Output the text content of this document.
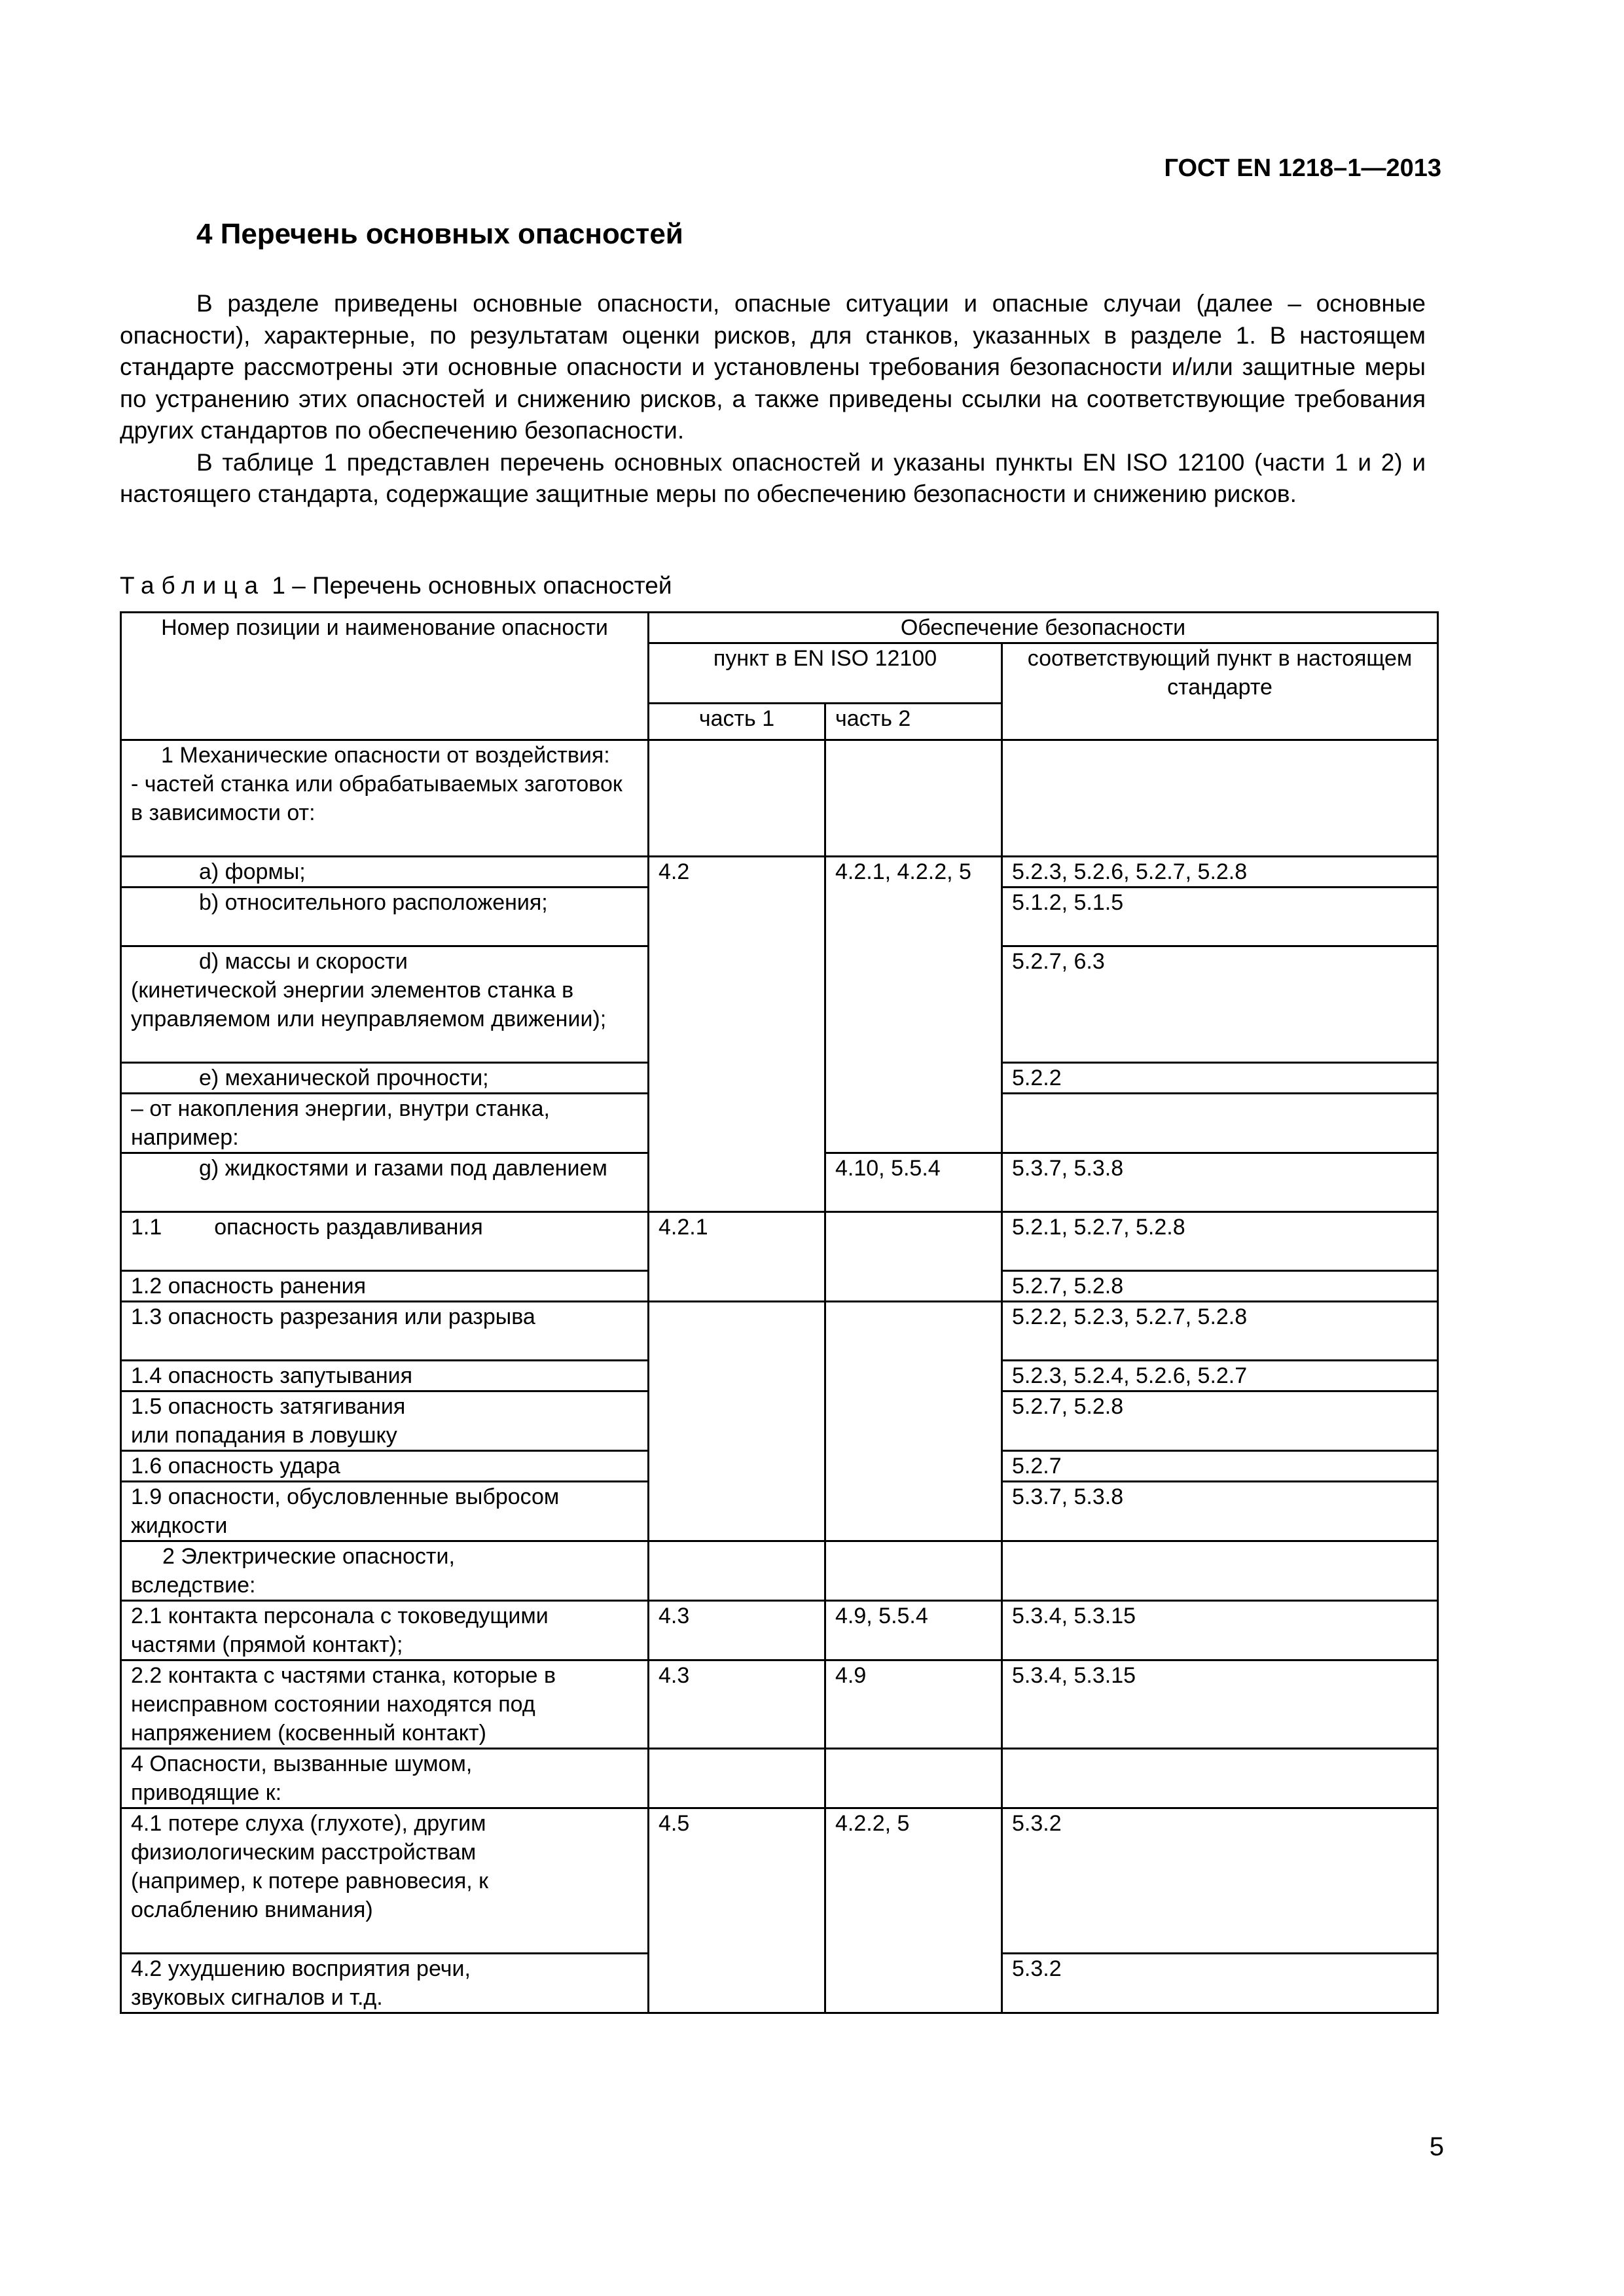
ГОСТ EN 1218–1—2013
4 Перечень основных опасностей

В разделе приведены основные опасности, опасные ситуации и опасные случаи (далее – основные опасности), характерные, по результатам оценки рисков, для станков, указанных в разделе 1. В настоящем стандарте рассмотрены эти основные опасности и установлены требования безопасности и/или защитные меры по устранению этих опасностей и снижению рисков, а также приведены ссылки на соответствующие требования других стандартов по обеспечению безопасности.

В таблице 1 представлен перечень основных опасностей и указаны пункты EN ISO 12100 (части 1 и 2) и настоящего стандарта, содержащие защитные меры по обеспечению безопасности и снижению рисков.

Таблица 1 – Перечень основных опасностей
Номер позиции и наименование опасности	Обеспечение безопасности		
	пункт в EN ISO 12100		соответствующий пункт в настоящем стандарте
	часть 1	часть 2	

1 Механические опасности от воздействия:
- частей станка или обрабатываемых заготовок в зависимости от:			

а) формы;	4.2	4.2.1, 4.2.2, 5	5.2.3, 5.2.6, 5.2.7, 5.2.8
b) относительного расположения;			5.1.2, 5.1.5

d) массы и скорости
(кинетической энергии элементов станка в управляемом или неуправляемом движении);			5.2.7, 6.3
e) механической прочности;			5.2.2
– от накопления энергии, внутри станка, например:			
g) жидкостями и газами под давлением		4.10, 5.5.4	5.3.7, 5.3.8
1.1 опасность раздавливания	4.2.1		5.2.1, 5.2.7, 5.2.8
1.2 опасность ранения			5.2.7, 5.2.8
1.3 опасность разрезания или разрыва			5.2.2, 5.2.3, 5.2.7, 5.2.8
1.4 опасность запутывания			5.2.3, 5.2.4, 5.2.6, 5.2.7
1.5 опасность затягивания или попадания в ловушку			5.2.7, 5.2.8
1.6 опасность удара			5.2.7
1.9 опасности, обусловленные выбросом жидкости			5.3.7, 5.3.8
2 Электрические опасности, вследствие:			
2.1 контакта персонала с токоведущими частями (прямой контакт);	4.3	4.9, 5.5.4	5.3.4, 5.3.15
2.2 контакта с частями станка, которые в неисправном состоянии находятся под напряжением (косвенный контакт)	4.3	4.9	5.3.4, 5.3.15
4 Опасности, вызванные шумом, приводящие к:			
4.1 потере слуха (глухоте), другим физиологическим расстройствам (например, к потере равновесия, к ослаблению внимания)	4.5	4.2.2, 5	5.3.2
4.2 ухудшению восприятия речи, звуковых сигналов и т.д.			5.3.2
5
